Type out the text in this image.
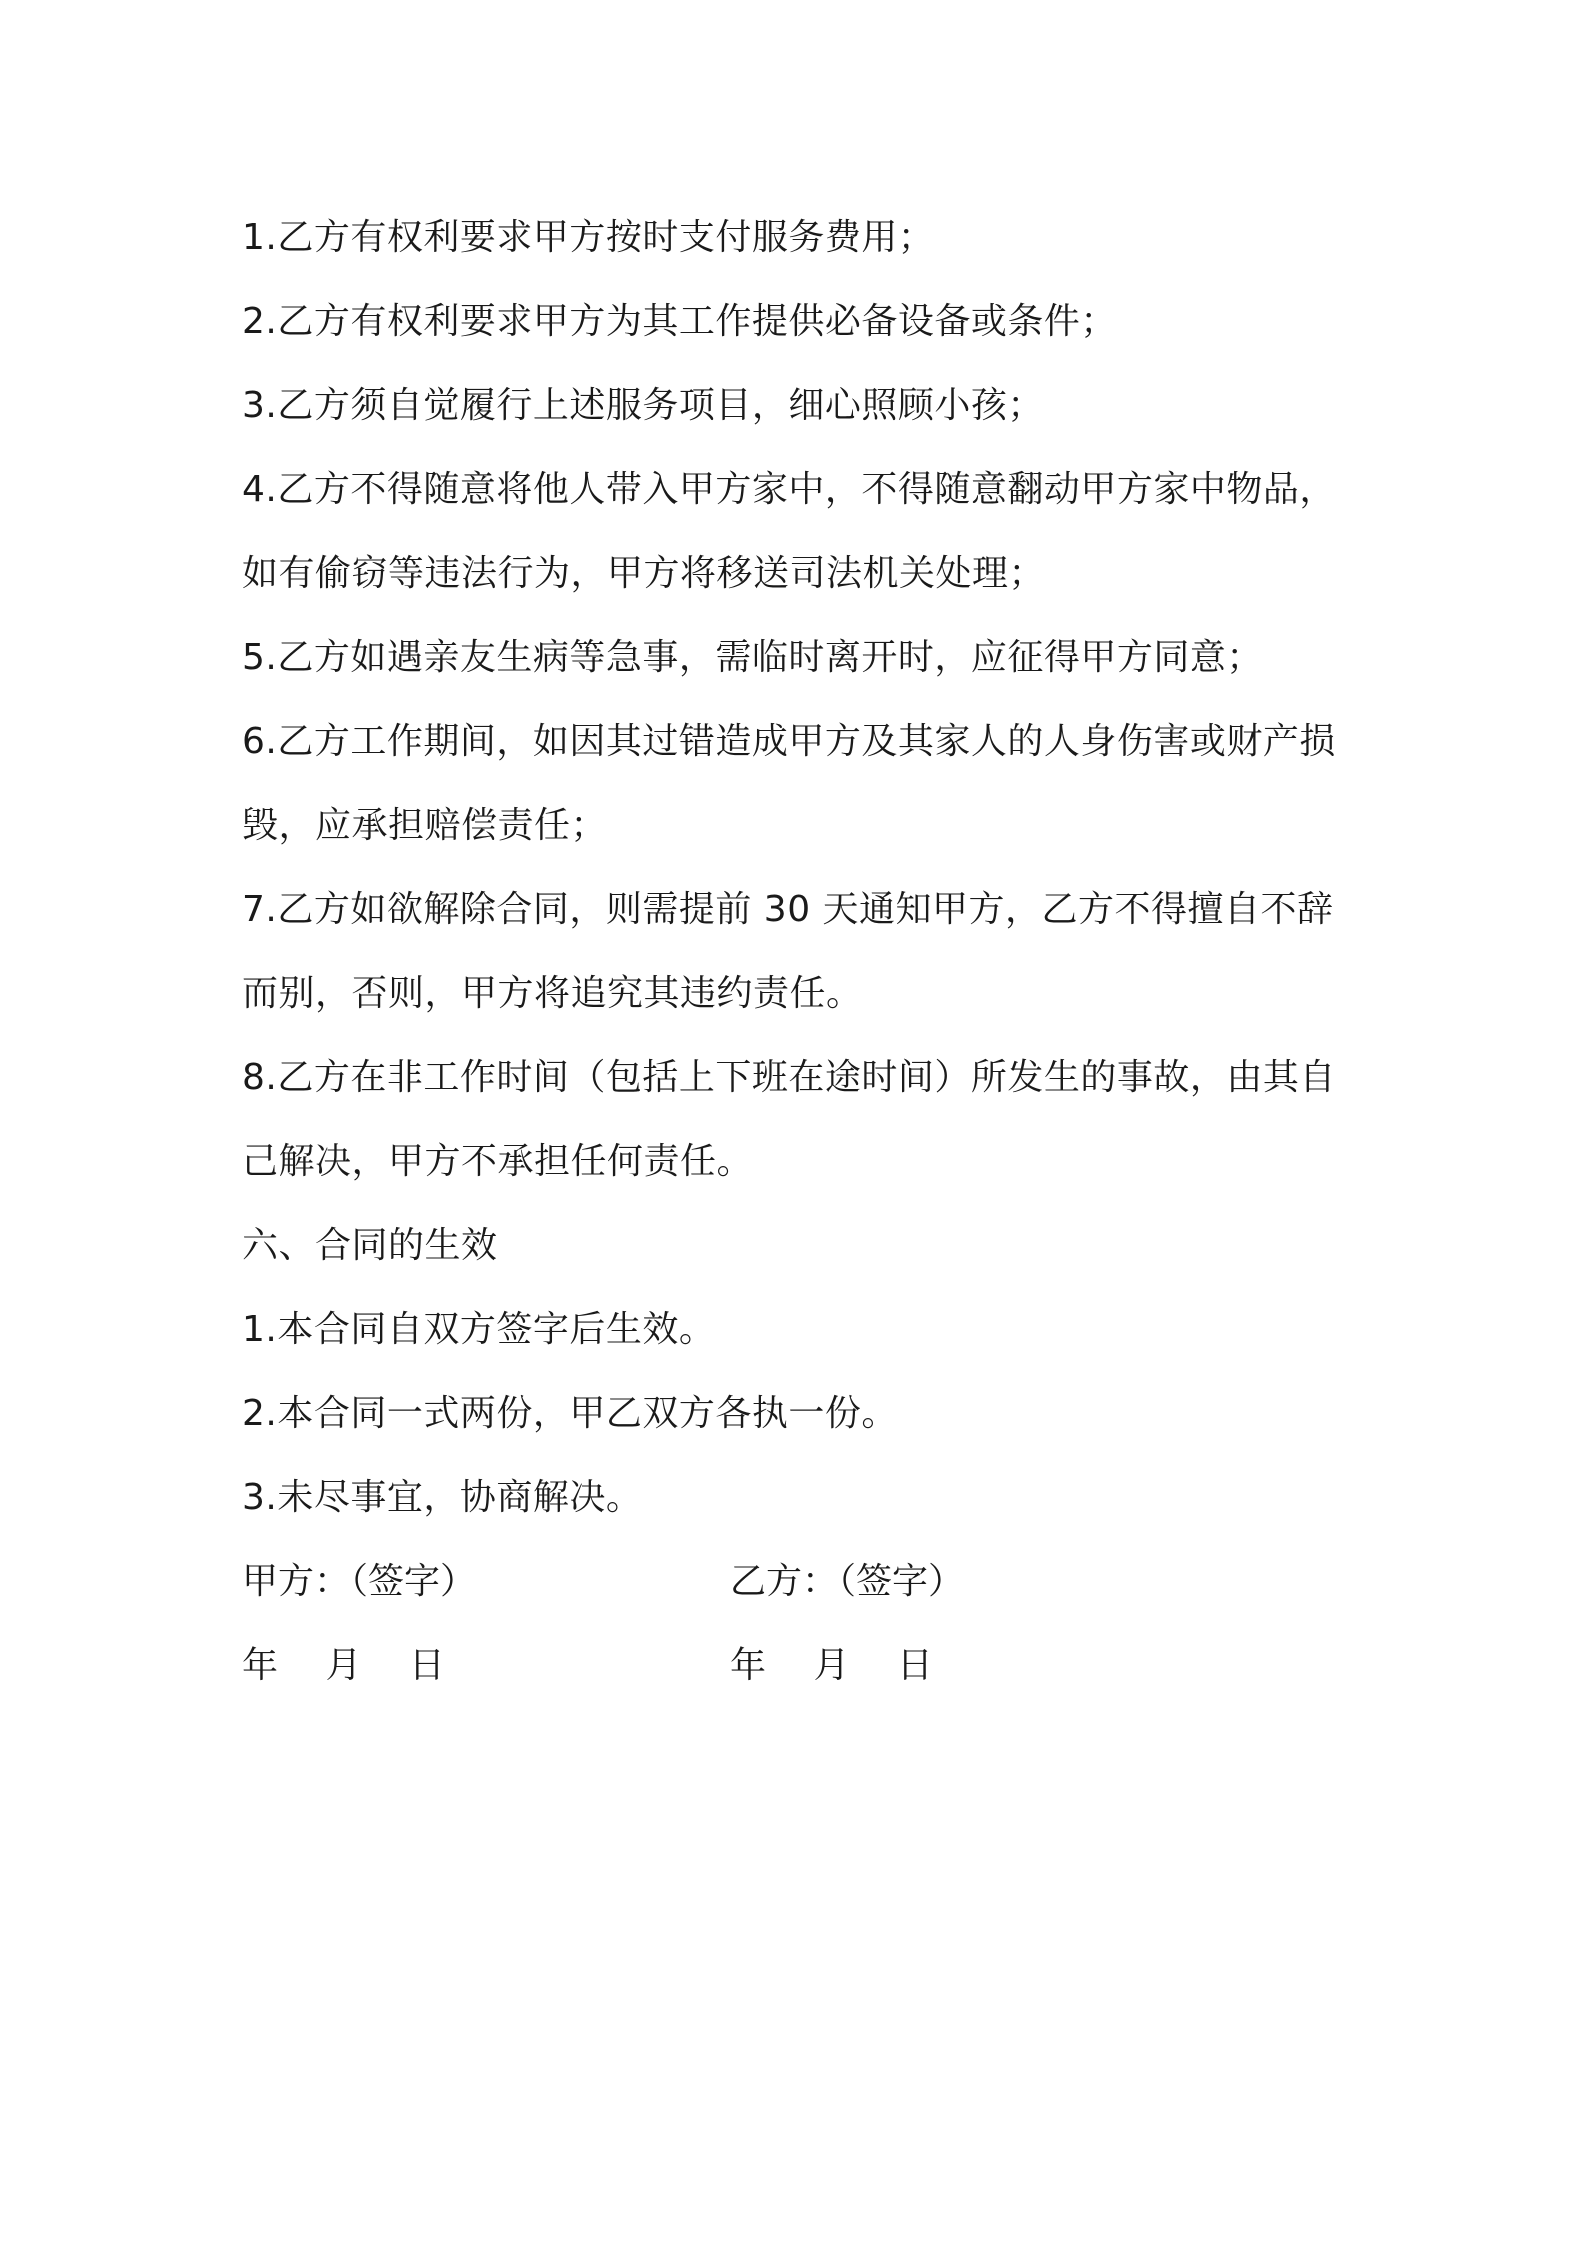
1.乙方有权利要求甲方按时支付服务费用；
2.乙方有权利要求甲方为其工作提供必备设备或条件；
3.乙方须自觉履行上述服务项目，细心照顾小孩；
4.乙方不得随意将他人带入甲方家中，不得随意翻动甲方家中物品，
如有偷窃等违法行为，甲方将移送司法机关处理；
5.乙方如遇亲友生病等急事，需临时离开时，应征得甲方同意；
6.乙方工作期间，如因其过错造成甲方及其家人的人身伤害或财产损
毁，应承担赔偿责任；
7.乙方如欲解除合同，则需提前 30 天通知甲方，乙方不得擅自不辞
而别，否则，甲方将追究其违约责任。
8.乙方在非工作时间（包括上下班在途时间）所发生的事故，由其自
己解决，甲方不承担任何责任。
六、合同的生效
1.本合同自双方签字后生效。
2.本合同一式两份，甲乙双方各执一份。
3.未尽事宜，协商解决。
甲方：（签字）	乙方：（签字）
年　 月　 日	年　 月　 日
